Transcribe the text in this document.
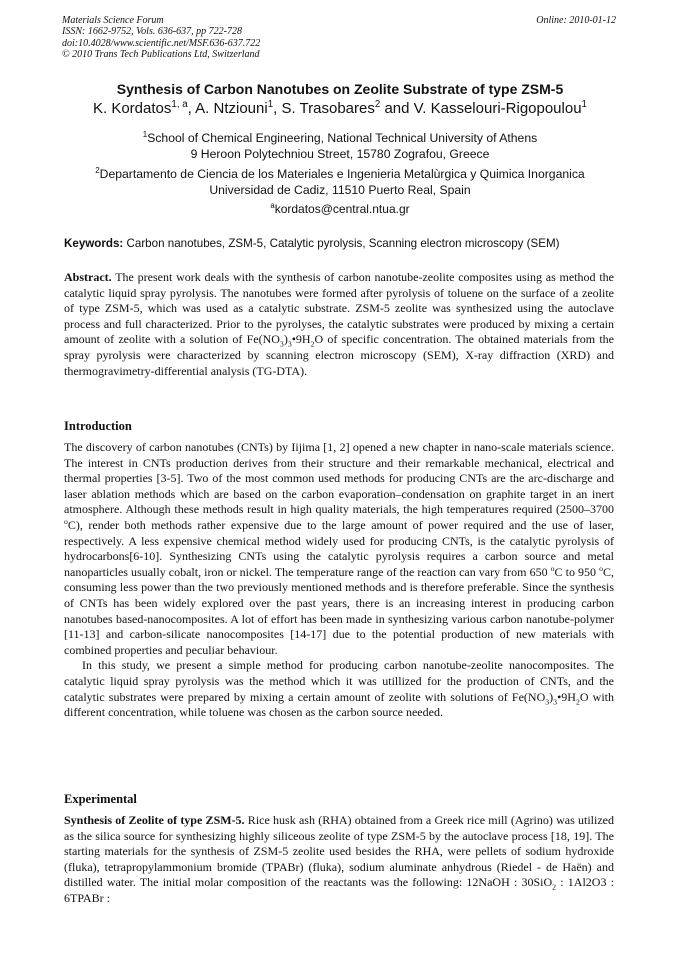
Materials Science Forum
ISSN: 1662-9752, Vols. 636-637, pp 722-728
doi:10.4028/www.scientific.net/MSF.636-637.722
© 2010 Trans Tech Publications Ltd, Switzerland
Online: 2010-01-12
Synthesis of Carbon Nanotubes on Zeolite Substrate of type ZSM-5
K. Kordatos$^{1, a}$, A. Ntziouni$^1$, S. Trasobares$^2$ and V. Kasselouri-Rigopoulou$^1$
$^1$School of Chemical Engineering, National Technical University of Athens
9 Heroon Polytechniou Street, 15780 Zografou, Greece
$^2$Departamento de Ciencia de los Materiales e Ingenieria Metalùrgica y Quimica Inorganica
Universidad de Cadiz, 11510 Puerto Real, Spain
$^a$kordatos@central.ntua.gr
Keywords: Carbon nanotubes, ZSM-5, Catalytic pyrolysis, Scanning electron microscopy (SEM)

Abstract. The present work deals with the synthesis of carbon nanotube-zeolite composites using as method the catalytic liquid spray pyrolysis. The nanotubes were formed after pyrolysis of toluene on the surface of a zeolite of type ZSM-5, which was used as a catalytic substrate. ZSM-5 zeolite was synthesized using the autoclave process and full characterized. Prior to the pyrolyses, the catalytic substrates were produced by mixing a certain amount of zeolite with a solution of $Fe(NO_3)_3•9H_2O$ of specific concentration. The obtained materials from the spray pyrolysis were characterized by scanning electron microscopy (SEM), X-ray diffraction (XRD) and thermogravimetry-differential analysis (TG-DTA).

Introduction

The discovery of carbon nanotubes (CNTs) by Iijima [1, 2] opened a new chapter in nano-scale materials science. The interest in CNTs production derives from their structure and their remarkable mechanical, electrical and thermal properties [3-5]. Two of the most common used methods for producing CNTs are the arc-discharge and laser ablation methods which are based on the carbon evaporation–condensation on graphite target in an inert atmosphere. Although these methods result in high quality materials, the high temperatures required (2500–3700 $^o$C), render both methods rather expensive due to the large amount of power required and the use of laser, respectively. A less expensive chemical method widely used for producing CNTs, is the catalytic pyrolysis of hydrocarbons[6-10]. Synthesizing CNTs using the catalytic pyrolysis requires a carbon source and metal nanoparticles usually cobalt, iron or nickel. The temperature range of the reaction can vary from 650 $^o$C to 950 $^o$C, consuming less power than the two previously mentioned methods and is therefore preferable. Since the synthesis of CNTs has been widely explored over the past years, there is an increasing interest in producing carbon nanotubes based-nanocomposites. A lot of effort has been made in synthesizing various carbon nanotube-polymer [11-13] and carbon-silicate nanocomposites [14-17] due to the potential production of new materials with combined properties and peculiar behaviour.

In this study, we present a simple method for producing carbon nanotube-zeolite nanocomposites. The catalytic liquid spray pyrolysis was the method which it was utillized for the production of CNTs, and the catalytic substrates were prepared by mixing a certain amount of zeolite with solutions of $Fe(NO_3)_3•9H_2O$ with different concentration, while toluene was chosen as the carbon source needed.

Experimental

Synthesis of Zeolite of type ZSM-5. Rice husk ash (RHA) obtained from a Greek rice mill (Agrino) was utilized as the silica source for synthesizing highly siliceous zeolite of type ZSM-5 by the autoclave process [18, 19]. The starting materials for the synthesis of ZSM-5 zeolite used besides the RHA, were pellets of sodium hydroxide (fluka), tetrapropylammonium bromide (TPABr) (fluka), sodium aluminate anhydrous (Riedel - de Haën) and distilled water. The initial molar composition of the reactants was the following: 12NaOH : 30SiO$_2$ : 1Al2O3 : 6TPABr :
